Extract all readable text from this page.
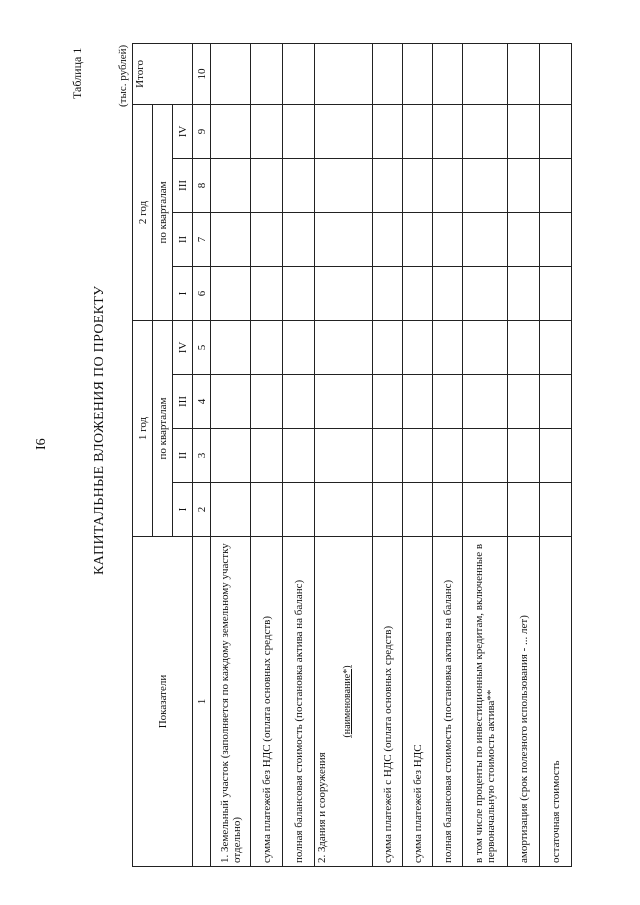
I6
Таблица 1
КАПИТАЛЬНЫЕ ВЛОЖЕНИЯ ПО ПРОЕКТУ
(тыс. рублей)
Показатели	1 год				2 год				Итого
	по кварталам				по кварталам				
	I	II	III	IV	I	II	III	IV	
1	2	3	4	5	6	7	8	9	10
1. Земельный участок (заполняется по каждому земельному участку отдельно)									
сумма платежей без НДС (оплата основных средств)									
полная балансовая стоимость (постановка актива на баланс)									
2. Здания и сооружения
(наименование*)									

сумма платежей с НДС (оплата основных средств)									
сумма платежей без НДС									
полная балансовая стоимость (постановка актива на баланс)									
в том числе проценты по инвестиционным кредитам, включенные в первоначальную стоимость актива**									
амортизация (срок полезного использования - ... лет)									
остаточная стоимость									
